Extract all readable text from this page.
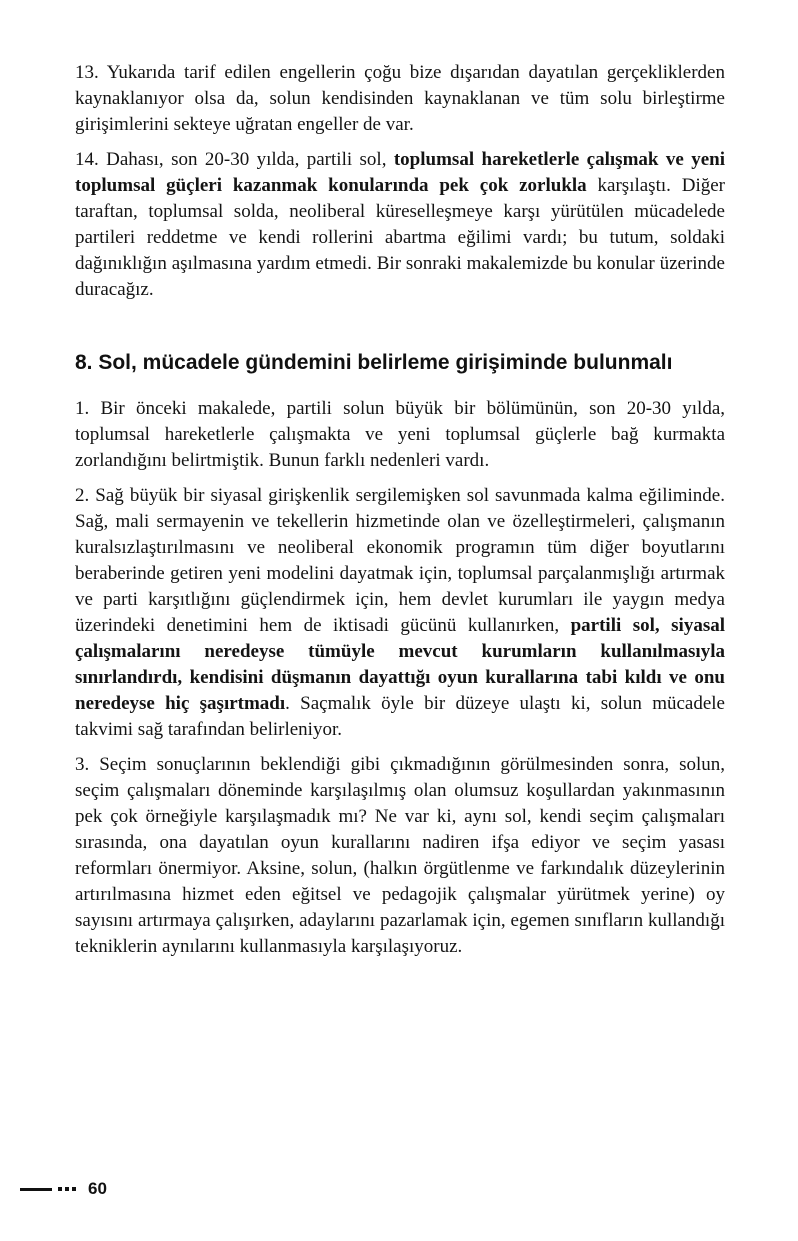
13. Yukarıda tarif edilen engellerin çoğu bize dışarıdan dayatılan gerçekliklerden kaynaklanıyor olsa da, solun kendisinden kaynaklanan ve tüm solu birleştirme girişimlerini sekteye uğratan engeller de var.

14. Dahası, son 20-30 yılda, partili sol, toplumsal hareketlerle çalışmak ve yeni toplumsal güçleri kazanmak konularında pek çok zorlukla karşılaştı. Diğer taraftan, toplumsal solda, neoliberal küreselleşmeye karşı yürütülen mücadelede partileri reddetme ve kendi rollerini abartma eğilimi vardı; bu tutum, soldaki dağınıklığın aşılmasına yardım etmedi. Bir sonraki makalemizde bu konular üzerinde duracağız.

8. Sol, mücadele gündemini belirleme girişiminde bulunmalı

1. Bir önceki makalede, partili solun büyük bir bölümünün, son 20-30 yılda, toplumsal hareketlerle çalışmakta ve yeni toplumsal güçlerle bağ kurmakta zorlandığını belirtmiştik. Bunun farklı nedenleri vardı.

2. Sağ büyük bir siyasal girişkenlik sergilemişken sol savunmada kalma eğiliminde. Sağ, mali sermayenin ve tekellerin hizmetinde olan ve özelleştirmeleri, çalışmanın kuralsızlaştırılmasını ve neoliberal ekonomik programın tüm diğer boyutlarını beraberinde getiren yeni modelini dayatmak için, toplumsal parçalanmışlığı artırmak ve parti karşıtlığını güçlendirmek için, hem devlet kurumları ile yaygın medya üzerindeki denetimini hem de iktisadi gücünü kullanırken, partili sol, siyasal çalışmalarını neredeyse tümüyle mevcut kurumların kullanılmasıyla sınırlandırdı, kendisini düşmanın dayattığı oyun kurallarına tabi kıldı ve onu neredeyse hiç şaşırtmadı. Saçmalık öyle bir düzeye ulaştı ki, solun mücadele takvimi sağ tarafından belirleniyor.

3. Seçim sonuçlarının beklendiği gibi çıkmadığının görülmesinden sonra, solun, seçim çalışmaları döneminde karşılaşılmış olan olumsuz koşullardan yakınmasının pek çok örneğiyle karşılaşmadık mı? Ne var ki, aynı sol, kendi seçim çalışmaları sırasında, ona dayatılan oyun kurallarını nadiren ifşa ediyor ve seçim yasası reformları önermiyor. Aksine, solun, (halkın örgütlenme ve farkındalık düzeylerinin artırılmasına hizmet eden eğitsel ve pedagojik çalışmalar yürütmek yerine) oy sayısını artırmaya çalışırken, adaylarını pazarlamak için, egemen sınıfların kullandığı tekniklerin aynılarını kullanmasıyla karşılaşıyoruz.

60
